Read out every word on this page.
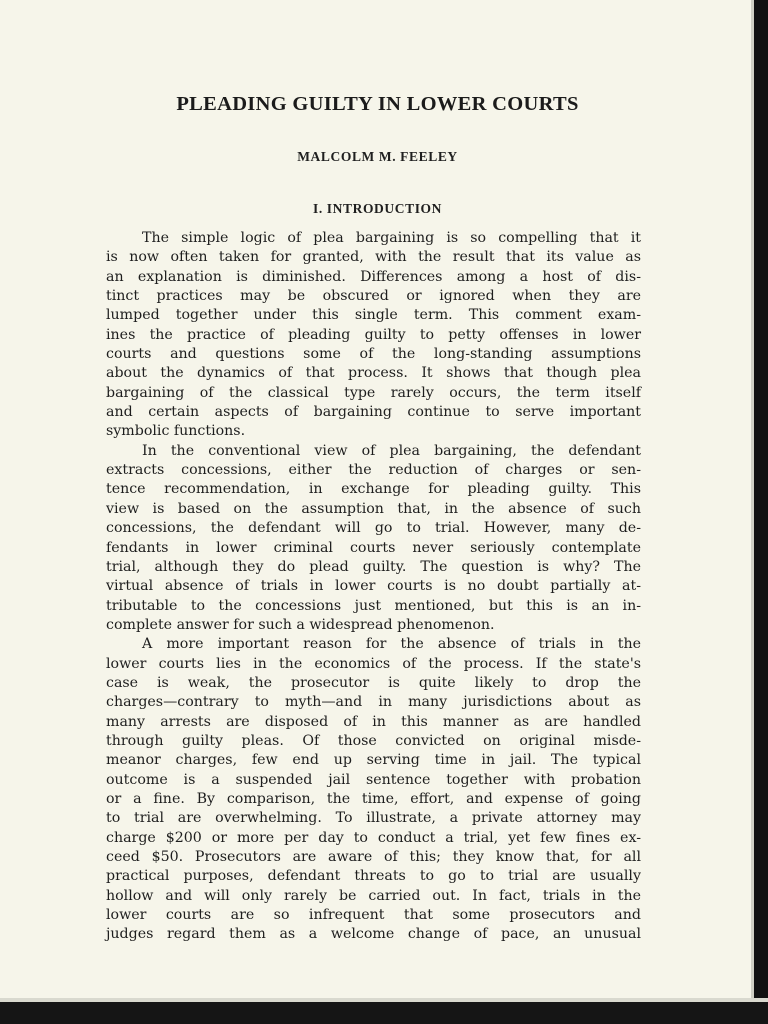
PLEADING GUILTY IN LOWER COURTS
MALCOLM M. FEELEY
I. INTRODUCTION
The simple logic of plea bargaining is so compelling that it
is now often taken for granted, with the result that its value as
an explanation is diminished. Differences among a host of dis-
tinct practices may be obscured or ignored when they are
lumped together under this single term. This comment exam-
ines the practice of pleading guilty to petty offenses in lower
courts and questions some of the long-standing assumptions
about the dynamics of that process. It shows that though plea
bargaining of the classical type rarely occurs, the term itself
and certain aspects of bargaining continue to serve important
symbolic functions.
In the conventional view of plea bargaining, the defendant
extracts concessions, either the reduction of charges or sen-
tence recommendation, in exchange for pleading guilty. This
view is based on the assumption that, in the absence of such
concessions, the defendant will go to trial. However, many de-
fendants in lower criminal courts never seriously contemplate
trial, although they do plead guilty. The question is why? The
virtual absence of trials in lower courts is no doubt partially at-
tributable to the concessions just mentioned, but this is an in-
complete answer for such a widespread phenomenon.
A more important reason for the absence of trials in the
lower courts lies in the economics of the process. If the state's
case is weak, the prosecutor is quite likely to drop the
charges—contrary to myth—and in many jurisdictions about as
many arrests are disposed of in this manner as are handled
through guilty pleas. Of those convicted on original misde-
meanor charges, few end up serving time in jail. The typical
outcome is a suspended jail sentence together with probation
or a fine. By comparison, the time, effort, and expense of going
to trial are overwhelming. To illustrate, a private attorney may
charge $200 or more per day to conduct a trial, yet few fines ex-
ceed $50. Prosecutors are aware of this; they know that, for all
practical purposes, defendant threats to go to trial are usually
hollow and will only rarely be carried out. In fact, trials in the
lower courts are so infrequent that some prosecutors and
judges regard them as a welcome change of pace, an unusual
